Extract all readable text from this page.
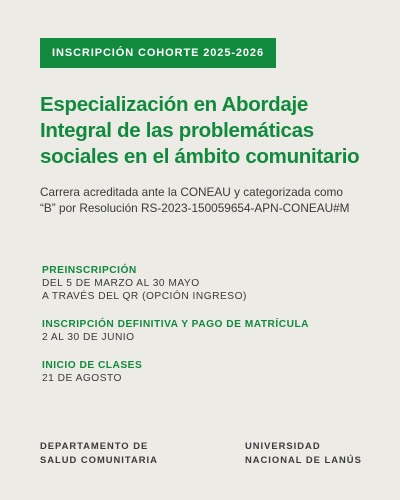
INSCRIPCIÓN COHORTE 2025-2026
Especialización en Abordaje
Integral de las problemáticas
sociales en el ámbito comunitario
Carrera acreditada ante la CONEAU y categorizada como
“B” por Resolución RS-2023-150059654-APN-CONEAU#M
PREINSCRIPCIÓN
DEL 5 DE MARZO AL 30 MAYO
A TRAVÉS DEL QR (OPCIÓN INGRESO)
INSCRIPCIÓN DEFINITIVA Y PAGO DE MATRÍCULA
2 AL 30 DE JUNIO
INICIO DE CLASES
21 DE AGOSTO
DEPARTAMENTO DE
SALUD COMUNITARIA
UNIVERSIDAD
NACIONAL DE LANÚS
